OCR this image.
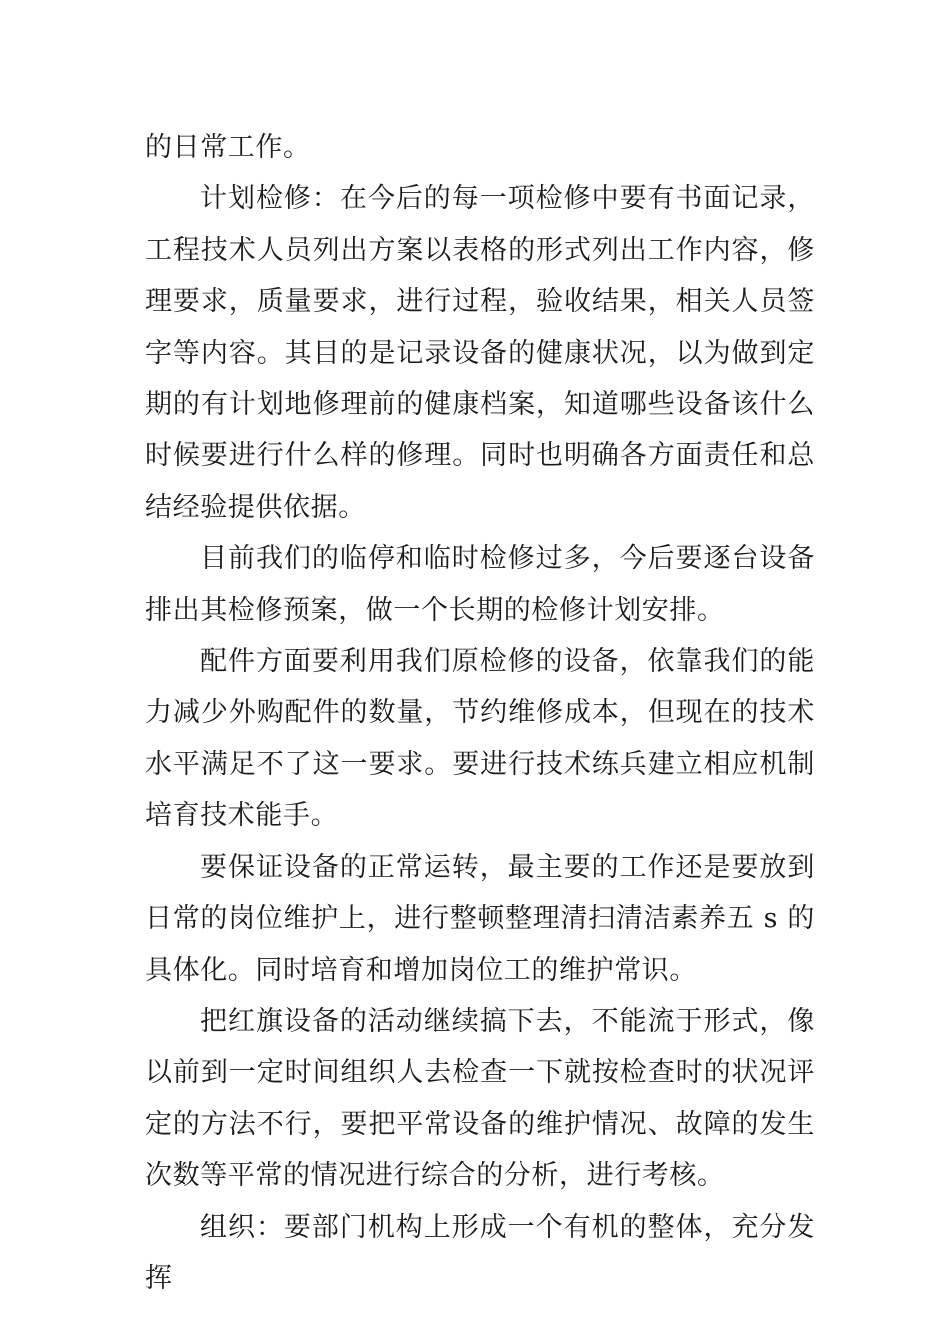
的日常工作。

计划检修：在今后的每一项检修中要有书面记录，工程技术人员列出方案以表格的形式列出工作内容，修理要求，质量要求，进行过程，验收结果，相关人员签字等内容。其目的是记录设备的健康状况，以为做到定期的有计划地修理前的健康档案，知道哪些设备该什么时候要进行什么样的修理。同时也明确各方面责任和总结经验提供依据。

目前我们的临停和临时检修过多，今后要逐台设备排出其检修预案，做一个长期的检修计划安排。

配件方面要利用我们原检修的设备，依靠我们的能力减少外购配件的数量，节约维修成本，但现在的技术水平满足不了这一要求。要进行技术练兵建立相应机制培育技术能手。

要保证设备的正常运转，最主要的工作还是要放到日常的岗位维护上，进行整顿整理清扫清洁素养五 s 的具体化。同时培育和增加岗位工的维护常识。

把红旗设备的活动继续搞下去，不能流于形式，像以前到一定时间组织人去检查一下就按检查时的状况评定的方法不行，要把平常设备的维护情况、故障的发生次数等平常的情况进行综合的分析，进行考核。

组织：要部门机构上形成一个有机的整体，充分发挥
